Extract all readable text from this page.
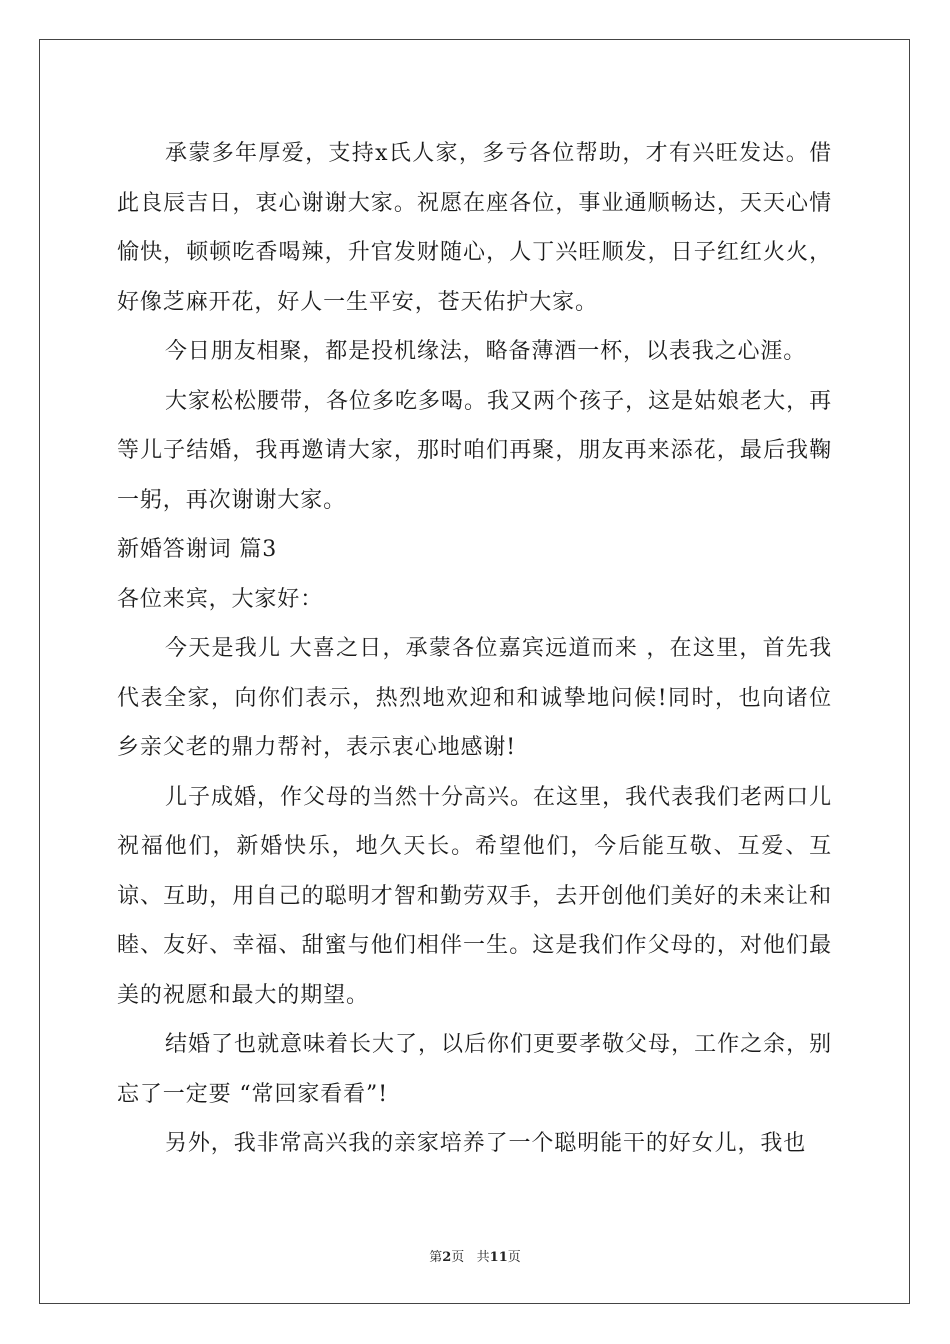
承蒙多年厚爱，支持x氏人家，多亏各位帮助，才有兴旺发达。借此良辰吉日，衷心谢谢大家。祝愿在座各位，事业通顺畅达，天天心情愉快，顿顿吃香喝辣，升官发财随心，人丁兴旺顺发，日子红红火火，好像芝麻开花，好人一生平安，苍天佑护大家。

今日朋友相聚，都是投机缘法，略备薄酒一杯，以表我之心涯。

大家松松腰带，各位多吃多喝。我又两个孩子，这是姑娘老大，再等儿子结婚，我再邀请大家，那时咱们再聚，朋友再来添花，最后我鞠一躬，再次谢谢大家。

新婚答谢词 篇3

各位来宾，大家好：

今天是我儿 大喜之日，承蒙各位嘉宾远道而来 ，在这里，首先我代表全家，向你们表示，热烈地欢迎和和诚挚地问候!同时，也向诸位乡亲父老的鼎力帮衬，表示衷心地感谢!

儿子成婚，作父母的当然十分高兴。在这里，我代表我们老两口儿祝福他们，新婚快乐，地久天长。希望他们，今后能互敬、互爱、互谅、互助，用自己的聪明才智和勤劳双手，去开创他们美好的未来让和睦、友好、幸福、甜蜜与他们相伴一生。这是我们作父母的，对他们最美的祝愿和最大的期望。

结婚了也就意味着长大了，以后你们更要孝敬父母，工作之余，别忘了一定要 “常回家看看”!

另外，我非常高兴我的亲家培养了一个聪明能干的好女儿，我也

第2页   共11页
